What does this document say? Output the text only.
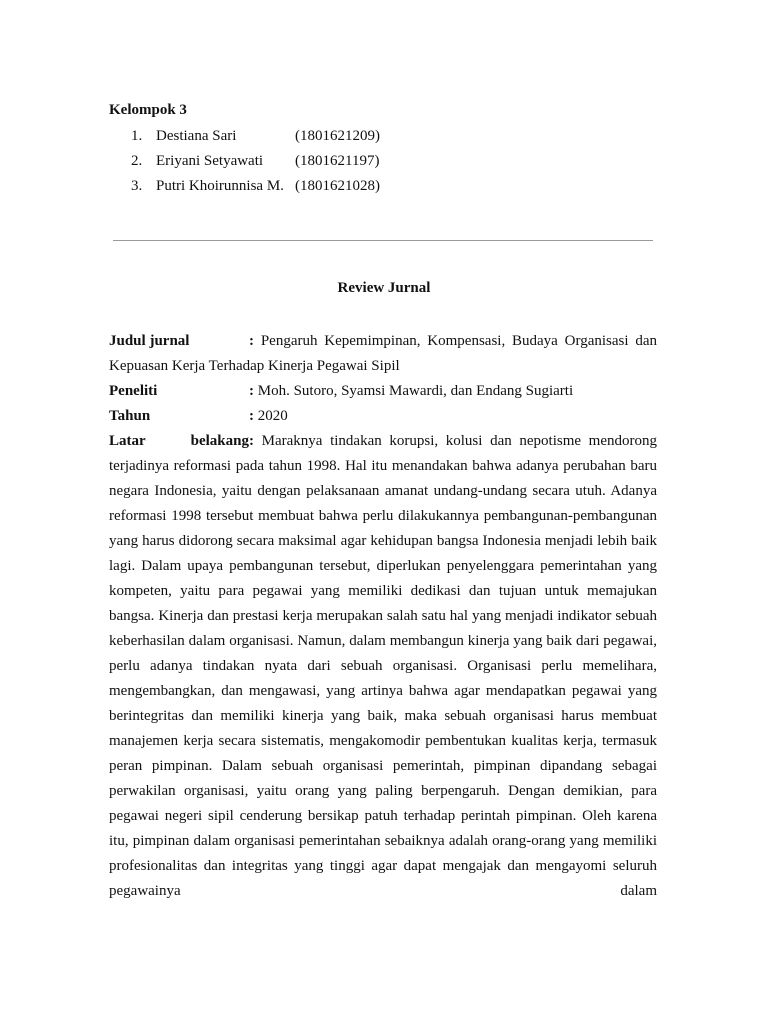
Kelompok 3
1. Destiana Sari	(1801621209)
2. Eriyani Setyawati (1801621197)
3. Putri Khoirunnisa M. (1801621028)
Review Jurnal
Judul jurnal	: Pengaruh Kepemimpinan, Kompensasi, Budaya Organisasi dan Kepuasan Kerja Terhadap Kinerja Pegawai Sipil
Peneliti	: Moh. Sutoro, Syamsi Mawardi, dan Endang Sugiarti
Tahun	: 2020
Latar belakang: Maraknya tindakan korupsi, kolusi dan nepotisme mendorong terjadinya reformasi pada tahun 1998. Hal itu menandakan bahwa adanya perubahan baru negara Indonesia, yaitu dengan pelaksanaan amanat undang-undang secara utuh. Adanya reformasi 1998 tersebut membuat bahwa perlu dilakukannya pembangunan-pembangunan yang harus didorong secara maksimal agar kehidupan bangsa Indonesia menjadi lebih baik lagi. Dalam upaya pembangunan tersebut, diperlukan penyelenggara pemerintahan yang kompeten, yaitu para pegawai yang memiliki dedikasi dan tujuan untuk memajukan bangsa. Kinerja dan prestasi kerja merupakan salah satu hal yang menjadi indikator sebuah keberhasilan dalam organisasi. Namun, dalam membangun kinerja yang baik dari pegawai, perlu adanya tindakan nyata dari sebuah organisasi. Organisasi perlu memelihara, mengembangkan, dan mengawasi, yang artinya bahwa agar mendapatkan pegawai yang berintegritas dan memiliki kinerja yang baik, maka sebuah organisasi harus membuat manajemen kerja secara sistematis, mengakomodir pembentukan kualitas kerja, termasuk peran pimpinan. Dalam sebuah organisasi pemerintah, pimpinan dipandang sebagai perwakilan organisasi, yaitu orang yang paling berpengaruh. Dengan demikian, para pegawai negeri sipil cenderung bersikap patuh terhadap perintah pimpinan. Oleh karena itu, pimpinan dalam organisasi pemerintahan sebaiknya adalah orang-orang yang memiliki profesionalitas dan integritas yang tinggi agar dapat mengajak dan mengayomi seluruh pegawainya dalam
